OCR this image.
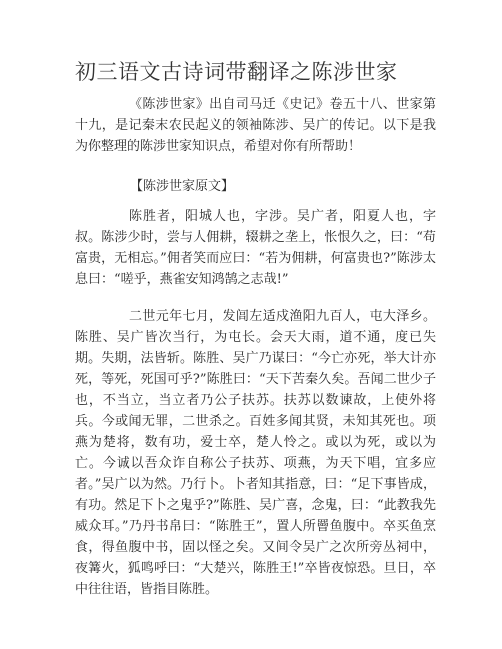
初三语文古诗词带翻译之陈涉世家

《陈涉世家》出自司马迁《史记》卷五十八、世家第十九，是记秦末农民起义的领袖陈涉、吴广的传记。以下是我为你整理的陈涉世家知识点，希望对你有所帮助！

【陈涉世家原文】

陈胜者，阳城人也，字涉。吴广者，阳夏人也，字叔。陈涉少时，尝与人佣耕，辍耕之垄上，怅恨久之，曰：“苟富贵，无相忘。”佣者笑而应曰：“若为佣耕，何富贵也?”陈涉太息曰：“嗟乎，燕雀安知鸿鹄之志哉!”

二世元年七月，发闾左适戍渔阳九百人，屯大泽乡。陈胜、吴广皆次当行，为屯长。会天大雨，道不通，度已失期。失期，法皆斩。陈胜、吴广乃谋曰：“今亡亦死，举大计亦死，等死，死国可乎?”陈胜曰：“天下苦秦久矣。吾闻二世少子也，不当立，当立者乃公子扶苏。扶苏以数谏故，上使外将兵。今或闻无罪，二世杀之。百姓多闻其贤，未知其死也。项燕为楚将，数有功，爱士卒，楚人怜之。或以为死，或以为亡。今诚以吾众诈自称公子扶苏、项燕，为天下唱，宜多应者。”吴广以为然。乃行卜。卜者知其指意，曰：“足下事皆成，有功。然足下卜之鬼乎?”陈胜、吴广喜，念鬼，曰：“此教我先威众耳。”乃丹书帛曰：“陈胜王”，置人所罾鱼腹中。卒买鱼烹食，得鱼腹中书，固以怪之矣。又间令吴广之次所旁丛祠中，夜篝火，狐鸣呼曰：“大楚兴，陈胜王!”卒皆夜惊恐。旦日，卒中往往语，皆指目陈胜。
